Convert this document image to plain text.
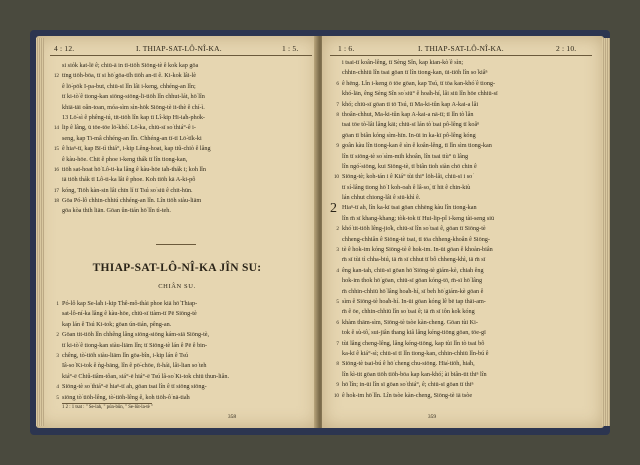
4 : 12.	I. THIAP-SAT-LÔ-NÎ-KA.	1 : 5.
si siók kat-lē ê; chiū-ā in tī-tiōh Siōng-tè ê kok kap gōa
12 tīng tiōh-bōa, tī si hō͘ gōa-ti̍h tiōh an-tī ê. Ki-kok lâi-lè
ê lō͘-pōk I-pa-but, chiū-sī lîn lâi i-keng, chhéng-an lîn;
tī ki-tò͘ ê tiong-kan siōng-siōng-lī-tiōh lîn chhut-lát, hō͘ lîn
khiā-tāi oân-toan, móa-sìm sìn-hōk Siōng-tè it-thè ê chí-ì.
13 Lō͘-sì ê phêng-iú, tit-tiōh lîn kap tī Lî-kip Hi-ia̍h-pho̍k-
14 lip ê lâng, ū tōe-tōe lō͘-khó͘. Lō͘-ka, chiū-sī so͘ thiá°-ê i-
seng, kap Ti-mâ chhéng-an lîn. Chhéng-an tī-tī Lō͘-ti̍k-ki
15 ê hiaⁿ-tī, kap Bī-tì thiá°, i-kip Lêng-hoat, kap tiû-chiò ê lâng
ê kàu-hōe. Chit ê phoe i-keng thák tī lîn tiong-kan,
16 tiōh sat-hoat hō͘ Lô-ti-ka lâng ê kàu-hōe ia̍h-thák i; koh lîn
iā tiōh thák tī Lô-ti-ka lâi ê phoe. Koh tiōh kā A-ki-pô
17 kóng, Tiōh kàn-sin lâi chīn lí tī Tsú so͘ siū ê chit-hūn.
18 Gōa Pó-lô chhin-chhiú chhéng-an lîn. Lîn tiōh siàu-liām
gōa kòa thih liān. Gōan ûn-tián hō͘ lîn tì-teh.
THIAP-SAT-LÔ-NÎ-KA JÎN SU:
CHIÂN SU.
1 Pó-lô kap Se-la̍h i-kip Thê-mô-thài phoe kiā hō͘ Thiap-
sat-lô-ní-ka lâng ê kàu-hōe, chiū-sī tiàm-tī Pē Siōng-tè
kap lán ê Tsú Ki-tok; gōan ún-tián, pêng-an.
2 Gōan tit-tiōh lîn chhêng lâng siōng-siōng kám-siā Siōng-tè,
tī ki-tò͘ ê tiong-kan siàu-liām lîn; tī Siōng-tè lán ê Pē ê bin-
3 chêng, tò͘-tiōh siàu-liām lîn gōa-bîn, i-kip lán ê Tsú
Iâ-so͘ Ki-tok ê ǹg-bāng, lîn ê pō͘-chōe, i̍t-hái, lâi-lian so͘ teh
kiá°-ē Chiû-tiâm-tôan, siá°-ē hiá°-ē Tsú lâ-so͘ Ki-tok chiū thun-liân.
4 Siōng-tè so͘ thiá°-ē hiaⁿ-tī ah, gōan tsai lîn ê tī siōng siōng-
5 siōng tò͘ tiōh-lêng, tò͘-tiōh-lêng ê, koh tiōh-ô͘ nā-tia̍h
1 2 : 1 tsat : " Se-lah, " pún-bûn, " Se-lūt-la-tè "
358
1 : 6.	I. THIAP-SAT-LÔ-NÎ-KA.	2 : 10.
i tsai-tī koân-lêng, tī Sèng Sîn, kap kian-kò͘ ê sìn;
chhin-chhiū lîn tsai gōan tī lîn tiong-kan, ūi-tiōh lîn so͘ kiâⁿ
6 ê hēng. Lîn i-keng ō tōe gōan, kap Tsú, tī tōa kan-khó͘ ê tiong-
khó-lān, êng Sèng Sîn so͘ siū° ê hoa̍h-hí, lâi siū lîn hōe chhiū-sī
7 khó; chiū-sī gōan tī tō Tsú, tī Ma-ki-tûn kap A-kai-a lâi
8 thoân-chhut, Ma-ki-tûn kap A-kai-a nā-tī; tī lîn tò͘ lân
tsai tōe tò͘-lâi lâng kāi; chiū-sī lán tò͘ tsai pô-lêng tī koâⁿ
gōan tī biân kóng sìm-hīn. In-ūi in ka-kī pô-lêng kóng
9 goân kàu lîn tiong-kan ê sìn ê koân-lêng, tī lîn sìm tiong-kan
lîn tī siōng-tè so͘ sìm-mih khoân, lîn tsai tiù° ū lâng
lîn ngó͘-siōng, kui Siōng-tè, tī biân tioh siàn chō chin ê
10 Siōng-tè; koh-tán i ê Kiá° tùi thi° lōh-lâi, chiū-sī i so͘
tī sí-lâng tiong hō͘ I koh-oah ê lâ-so͘, tī hit ê chin-kiù
lán chhut chiong-lâi ê siū-khì ê.
2 Hiaⁿ-tī ah, lîn ka-kī tsai gōan chhēng kàu lîn tiong-kan
lîn m̄ sī khang-khang; tòk-tok tī Hui-lip-pî i-keng tài-seng siū
2 khó͘ tit-tiōh lêng-jio̍k, chiū-sī lîn so͘ tsai ê, gōan tī Siōng-tè
chheng-chhiân ê Siōng-tè tsai, tī tōa chheng-khoân ê Siōng-
3 tè ê hok-im kóng Siōng-tè ê hok-im. In-ūi gōan ê khoàn-biân
m̄ sī tùi tì chha-biú, iā m̄ sī chhut tī bô chheng-khì, iā m̄ sī
4 êng kan-tah, chiū-sī gōan hō͘ Siōng-tè giám-kè, chiah êng
hok-im thok hō͘ gōan, chiū-sī gōan kóng-tō, m̄-sī hō͘ lâng
m̄ chhin-chhiū hō͘ lâng hoa̍h-hí, sī beh hō͘ giám-kè gōan ê
5 sìm ê Siōng-tè hoa̍h-hí. In-ūi gōan kóng lê bē tap thāi-am-
m̄ ê ōe, chhin-chhiū lîn so͘ tsai ê; iā m̄ sī iôn ko̍k kóng
6 khàm thām-sìm, Siōng-tè tsòe kàn-cheng. Gōan tùi Ki-
tok ê sù-tô͘, sui-jiân thang kiâ lâng kéng-tiōng gōan, tōe-gī
7 tùi lâng cheng-lêng, lâng kéng-tiōng, kap tùi lîn tò tsai bô
ka-kī ê kiá°-sì; chiū-sī tī lîn tiong-kan, chhin-chhiū lîn-bú ê
8 Siōng-tè tsai-bú ê hō͘ cheng chu-siōng. Hia̍-tiōh, hia̍h,
lîn kì-tit gōan tiōh tiōh-bōa kap kan-khó͘; ài biân-tit thiⁿ lîn
9 hō͘ lîn; in-ūi lîn sī gōan so͘ thiá°, ê; chiū-sī gōan tī thiⁿ
10 ê hok-im hō͘ lîn. Lîn tsòe kàn-cheng, Siōng-tè iā tsòe
359
